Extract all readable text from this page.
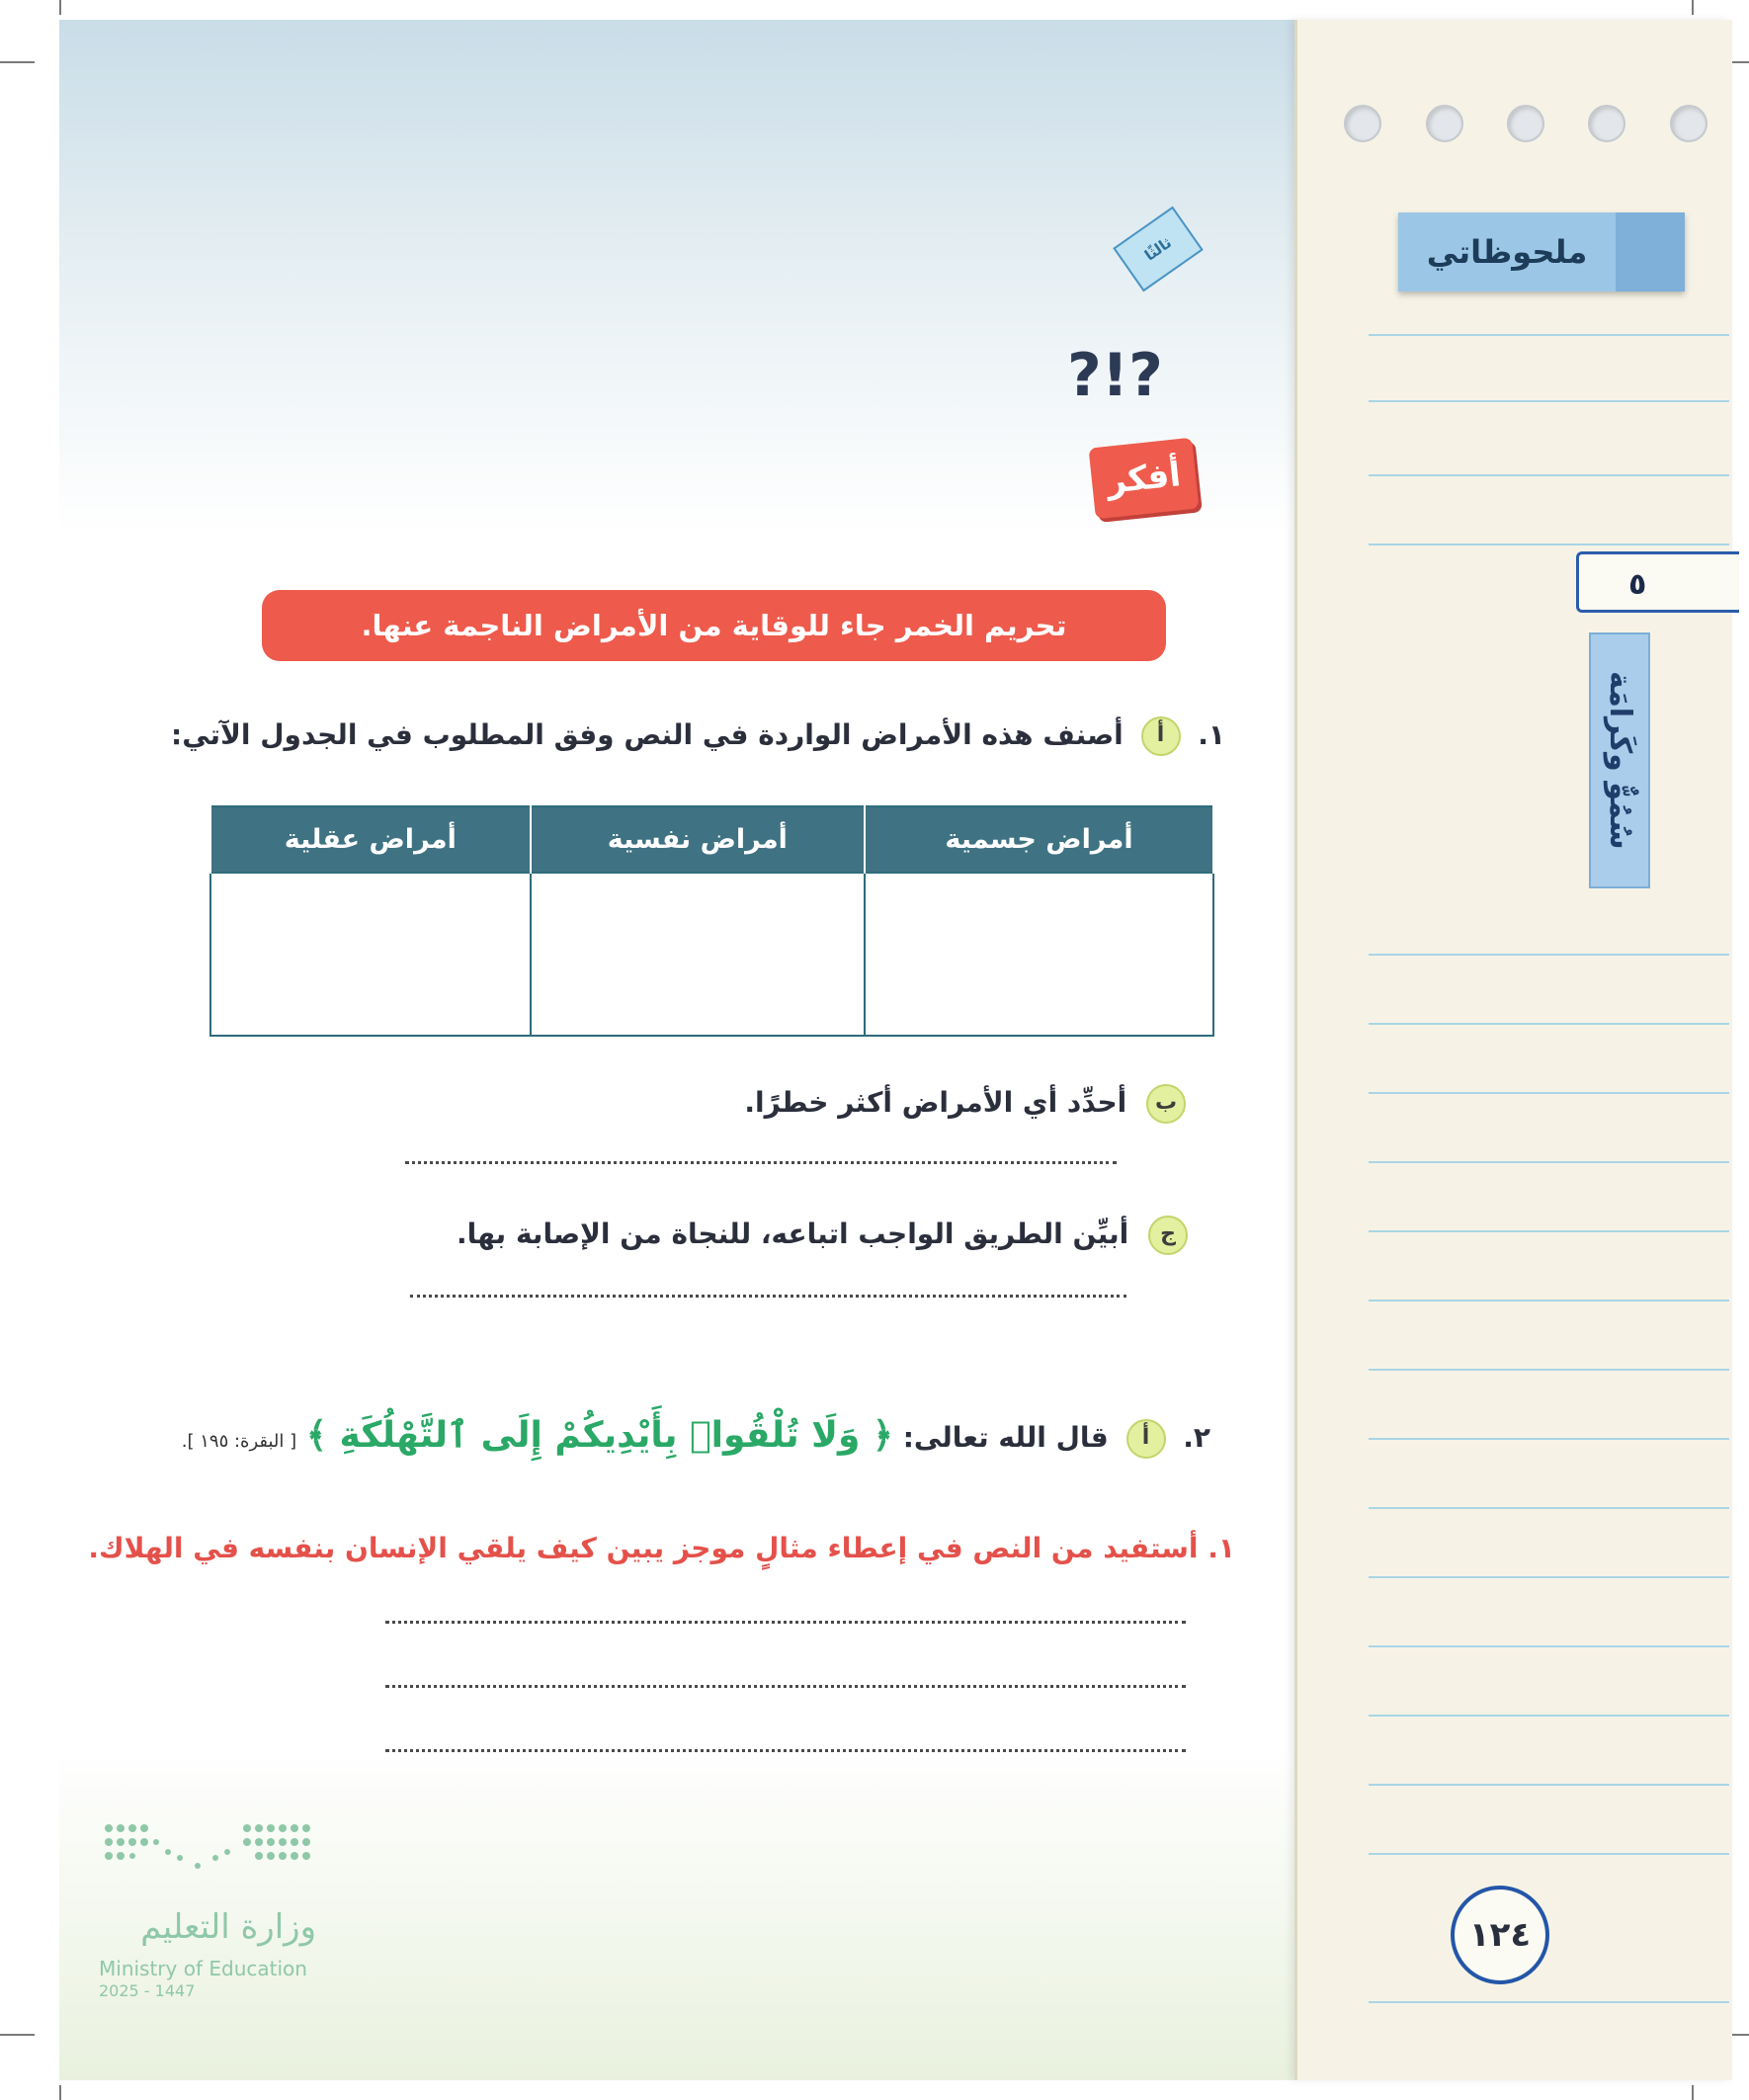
ملحوظاتي
٥
سُمُوٌّ وكَرامَة
ثالثًا
?!?
أفكر
تحريم الخمر جاء للوقاية من الأمراض الناجمة عنها.
١. أ أصنف هذه الأمراض الواردة في النص وفق المطلوب في الجدول الآتي:
أمراض جسمية	أمراض نفسية	أمراض عقلية

ب أحدِّد أي الأمراض أكثر خطرًا.
ج أبيِّن الطريق الواجب اتباعه، للنجاة من الإصابة بها.
٢. أ قال الله تعالى: ﴿ وَلَا تُلْقُوا۟ بِأَيْدِيكُمْ إِلَى ٱلتَّهْلُكَةِ ﴾ [ البقرة: ١٩٥ ].
١. أستفيد من النص في إعطاء مثالٍ موجز يبين كيف يلقي الإنسان بنفسه في الهلاك.
وزارة التعليم
Ministry of Education
2025 - 1447
١٢٤
